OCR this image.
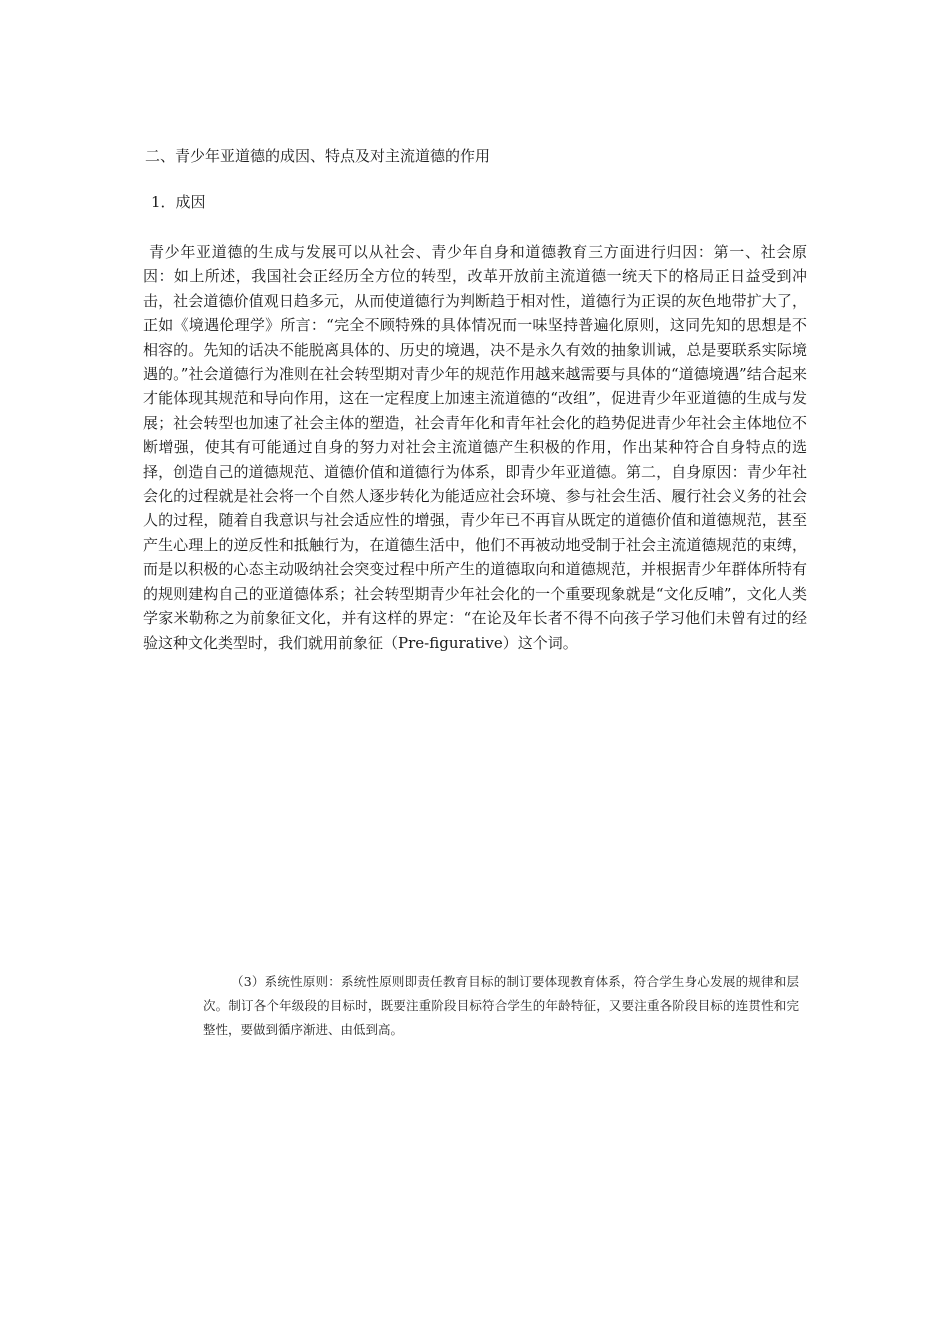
二、青少年亚道德的成因、特点及对主流道德的作用
1．成因

青少年亚道德的生成与发展可以从社会、青少年自身和道德教育三方面进行归因：第一、社会原因：如上所述，我国社会正经历全方位的转型，改革开放前主流道德一统天下的格局正日益受到冲击，社会道德价值观日趋多元，从而使道德行为判断趋于相对性，道德行为正误的灰色地带扩大了，正如《境遇伦理学》所言：“完全不顾特殊的具体情况而一味坚持普遍化原则，这同先知的思想是不相容的。先知的话决不能脱离具体的、历史的境遇，决不是永久有效的抽象训诫，总是要联系实际境遇的。”社会道德行为准则在社会转型期对青少年的规范作用越来越需要与具体的“道德境遇”结合起来才能体现其规范和导向作用，这在一定程度上加速主流道德的“改组”，促进青少年亚道德的生成与发展；社会转型也加速了社会主体的塑造，社会青年化和青年社会化的趋势促进青少年社会主体地位不断增强，使其有可能通过自身的努力对社会主流道德产生积极的作用，作出某种符合自身特点的选择，创造自己的道德规范、道德价值和道德行为体系，即青少年亚道德。第二，自身原因：青少年社会化的过程就是社会将一个自然人逐步转化为能适应社会环境、参与社会生活、履行社会义务的社会人的过程，随着自我意识与社会适应性的增强，青少年已不再盲从既定的道德价值和道德规范，甚至产生心理上的逆反性和抵触行为，在道德生活中，他们不再被动地受制于社会主流道德规范的束缚，而是以积极的心态主动吸纳社会突变过程中所产生的道德取向和道德规范，并根据青少年群体所特有的规则建构自己的亚道德体系；社会转型期青少年社会化的一个重要现象就是“文化反哺”，文化人类学家米勒称之为前象征文化，并有这样的界定：“在论及年长者不得不向孩子学习他们未曾有过的经验这种文化类型时，我们就用前象征（Pre-figurative）这个词。

（3）系统性原则：系统性原则即责任教育目标的制订要体现教育体系，符合学生身心发展的规律和层次。制订各个年级段的目标时，既要注重阶段目标符合学生的年龄特征，又要注重各阶段目标的连贯性和完整性，要做到循序渐进、由低到高。
